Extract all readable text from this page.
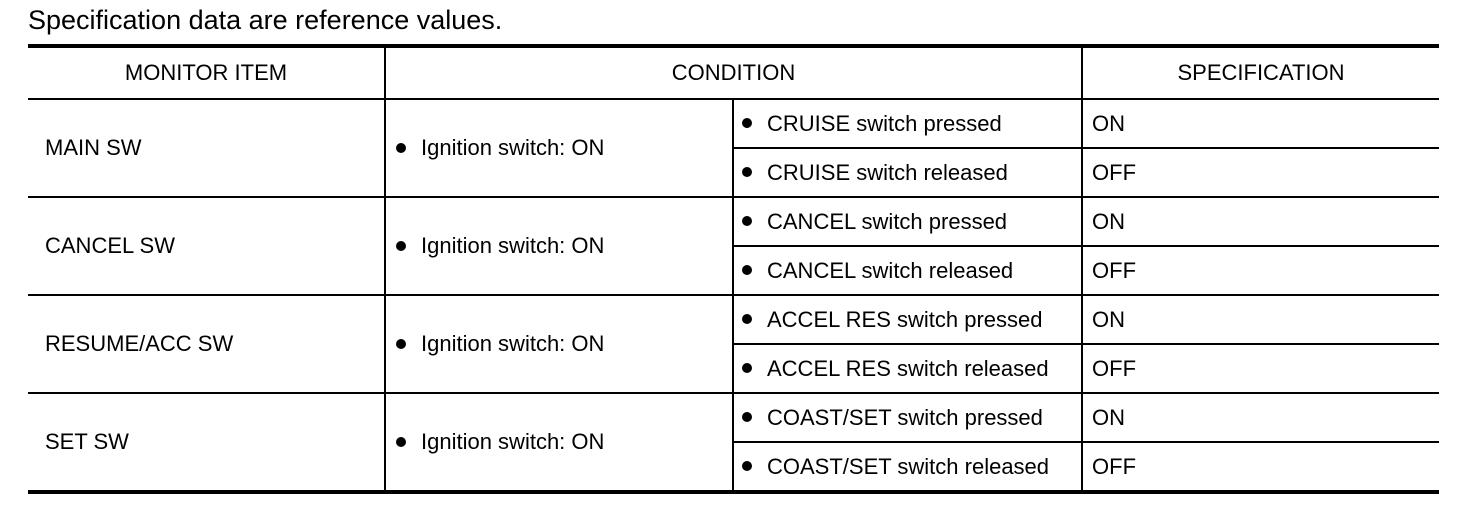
Specification data are reference values.
MONITOR ITEM	CONDITION		SPECIFICATION
MAIN SW	Ignition switch: ON	CRUISE switch pressed	ON
		CRUISE switch released	OFF
CANCEL SW	Ignition switch: ON	CANCEL switch pressed	ON
		CANCEL switch released	OFF
RESUME/ACC SW	Ignition switch: ON	ACCEL RES switch pressed	ON
		ACCEL RES switch released	OFF
SET SW	Ignition switch: ON	COAST/SET switch pressed	ON
		COAST/SET switch released	OFF
